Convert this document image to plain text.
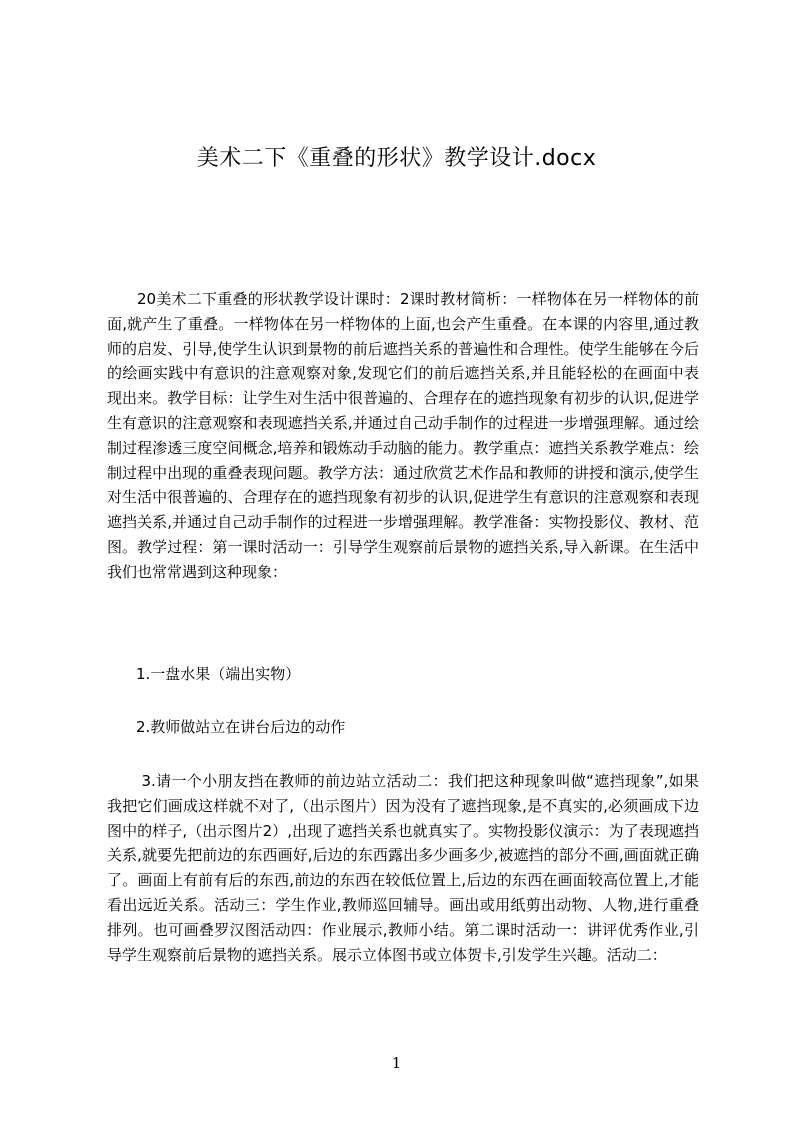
美术二下《重叠的形状》教学设计.docx

20美术二下重叠的形状教学设计课时：2课时教材简析：一样物体在另一样物体的前面,就产生了重叠。一样物体在另一样物体的上面,也会产生重叠。在本课的内容里,通过教师的启发、引导,使学生认识到景物的前后遮挡关系的普遍性和合理性。使学生能够在今后的绘画实践中有意识的注意观察对象,发现它们的前后遮挡关系,并且能轻松的在画面中表现出来。教学目标：让学生对生活中很普遍的、合理存在的遮挡现象有初步的认识,促进学生有意识的注意观察和表现遮挡关系,并通过自己动手制作的过程进一步增强理解。通过绘制过程渗透三度空间概念,培养和锻炼动手动脑的能力。教学重点：遮挡关系教学难点：绘制过程中出现的重叠表现问题。教学方法：通过欣赏艺术作品和教师的讲授和演示,使学生对生活中很普遍的、合理存在的遮挡现象有初步的认识,促进学生有意识的注意观察和表现遮挡关系,并通过自己动手制作的过程进一步增强理解。教学准备：实物投影仪、教材、范图。教学过程：第一课时活动一：引导学生观察前后景物的遮挡关系,导入新课。在生活中我们也常常遇到这种现象：

1.一盘水果（端出实物）

2.教师做站立在讲台后边的动作

3.请一个小朋友挡在教师的前边站立活动二：我们把这种现象叫做“遮挡现象”,如果我把它们画成这样就不对了,（出示图片）因为没有了遮挡现象,是不真实的,必须画成下边图中的样子,（出示图片2）,出现了遮挡关系也就真实了。实物投影仪演示：为了表现遮挡关系,就要先把前边的东西画好,后边的东西露出多少画多少,被遮挡的部分不画,画面就正确了。画面上有前有后的东西,前边的东西在较低位置上,后边的东西在画面较高位置上,才能看出远近关系。活动三：学生作业,教师巡回辅导。画出或用纸剪出动物、人物,进行重叠排列。也可画叠罗汉图活动四：作业展示,教师小结。第二课时活动一：讲评优秀作业,引导学生观察前后景物的遮挡关系。展示立体图书或立体贺卡,引发学生兴趣。活动二：

1
